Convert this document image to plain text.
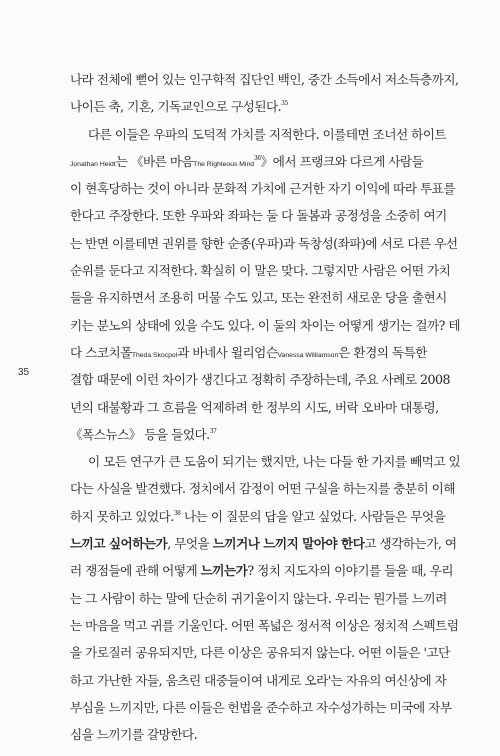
35
나라 전체에 뻗어 있는 인구학적 집단인 백인, 중간 소득에서 저소득층까지,
나이든 축, 기혼, 기독교인으로 구성된다.$^{35}$
다른 이들은 우파의 도덕적 가치를 지적한다. 이를테면 조너선 하이트
Jonathan Heidt는 《바른 마음The Righteous Mind$^{36}$》에서 프랭크와 다르게 사람들
이 현혹당하는 것이 아니라 문화적 가치에 근거한 자기 이익에 따라 투표를
한다고 주장한다. 또한 우파와 좌파는 둘 다 돌봄과 공정성을 소중히 여기
는 반면 이를테면 권위를 향한 순종(우파)과 독창성(좌파)에 서로 다른 우선
순위를 둔다고 지적한다. 확실히 이 말은 맞다. 그렇지만 사람은 어떤 가치
들을 유지하면서 조용히 머물 수도 있고, 또는 완전히 새로운 당을 출현시
키는 분노의 상태에 있을 수도 있다. 이 둘의 차이는 어떻게 생기는 걸까? 테
다 스코치폴Theda Skocpol과 바네사 윌리엄슨Vanessa Williamson은 환경의 독특한
결합 때문에 이런 차이가 생긴다고 정확히 주장하는데, 주요 사례로 2008
년의 대불황과 그 흐름을 억제하려 한 정부의 시도, 버락 오바마 대통령,
《폭스뉴스》 등을 들었다.$^{37}$
이 모든 연구가 큰 도움이 되기는 했지만, 나는 다들 한 가지를 빼먹고 있
다는 사실을 발견했다. 정치에서 감정이 어떤 구실을 하는지를 충분히 이해
하지 못하고 있었다.$^{38}$ 나는 이 질문의 답을 알고 싶었다. 사람들은 무엇을
느끼고 싶어하는가, 무엇을 느끼거나 느끼지 말아야 한다고 생각하는가, 여
러 쟁점들에 관해 어떻게 느끼는가? 정치 지도자의 이야기를 들을 때, 우리
는 그 사람이 하는 말에 단순히 귀기울이지 않는다. 우리는 뭔가를 느끼려
는 마음을 먹고 귀를 기울인다. 어떤 폭넓은 정서적 이상은 정치적 스펙트럼
을 가로질러 공유되지만, 다른 이상은 공유되지 않는다. 어떤 이들은 '고단
하고 가난한 자들, 움츠린 대중들이여 내게로 오라'는 자유의 여신상에 자
부심을 느끼지만, 다른 이들은 헌법을 준수하고 자수성가하는 미국에 자부
심을 느끼기를 갈망한다.
